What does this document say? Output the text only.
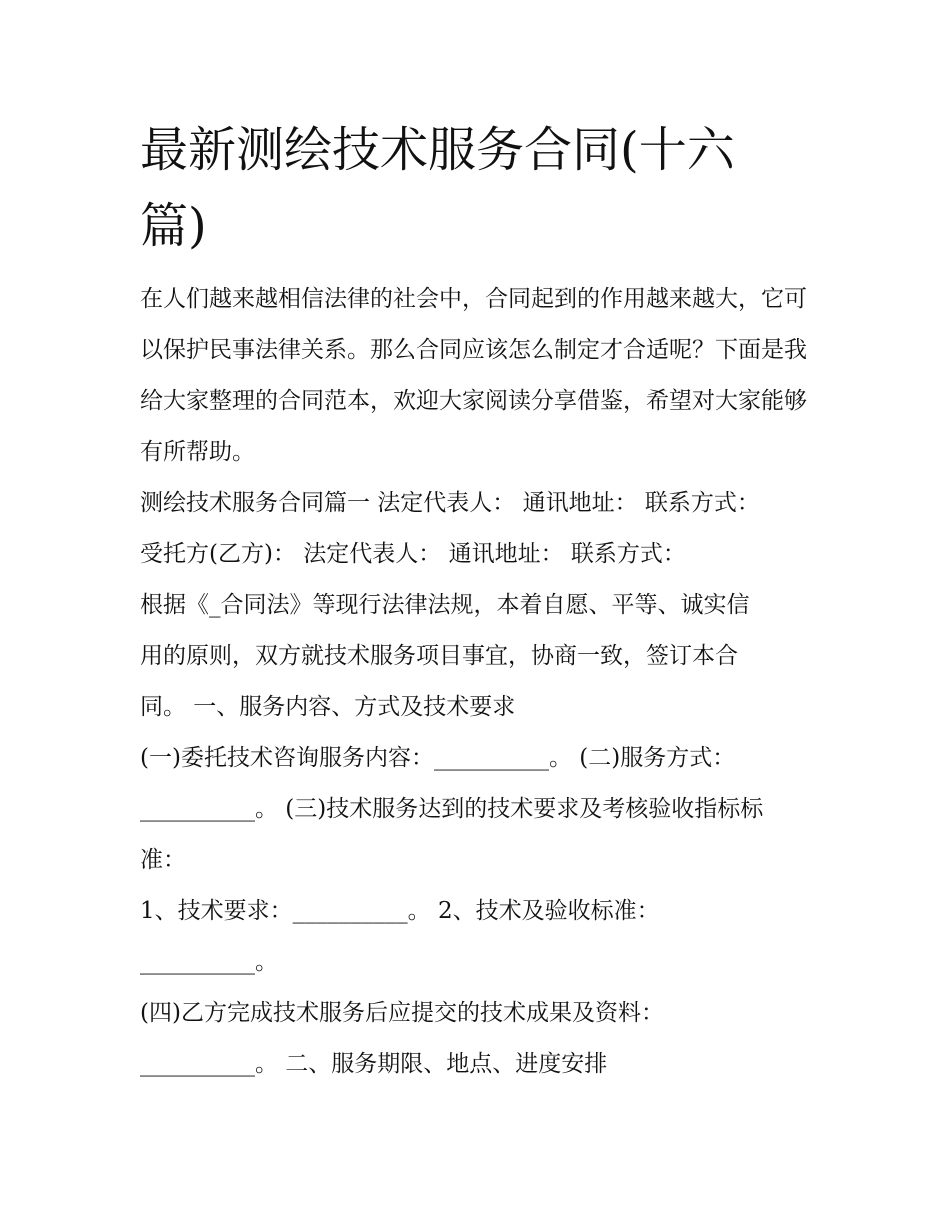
最新测绘技术服务合同(十六篇)
在人们越来越相信法律的社会中，合同起到的作用越来越大，它可以保护民事法律关系。那么合同应该怎么制定才合适呢？下面是我给大家整理的合同范本，欢迎大家阅读分享借鉴，希望对大家能够有所帮助。

测绘技术服务合同篇一 法定代表人： 通讯地址： 联系方式：

受托方(乙方)： 法定代表人： 通讯地址： 联系方式：

根据《_合同法》等现行法律法规，本着自愿、平等、诚实信

用的原则，双方就技术服务项目事宜，协商一致，签订本合

同。 一、服务内容、方式及技术要求

(一)委托技术咨询服务内容：__________。 (二)服务方式：

__________。 (三)技术服务达到的技术要求及考核验收指标标

准：

1、技术要求：__________。 2、技术及验收标准：

__________。

(四)乙方完成技术服务后应提交的技术成果及资料：

__________。 二、服务期限、地点、进度安排
